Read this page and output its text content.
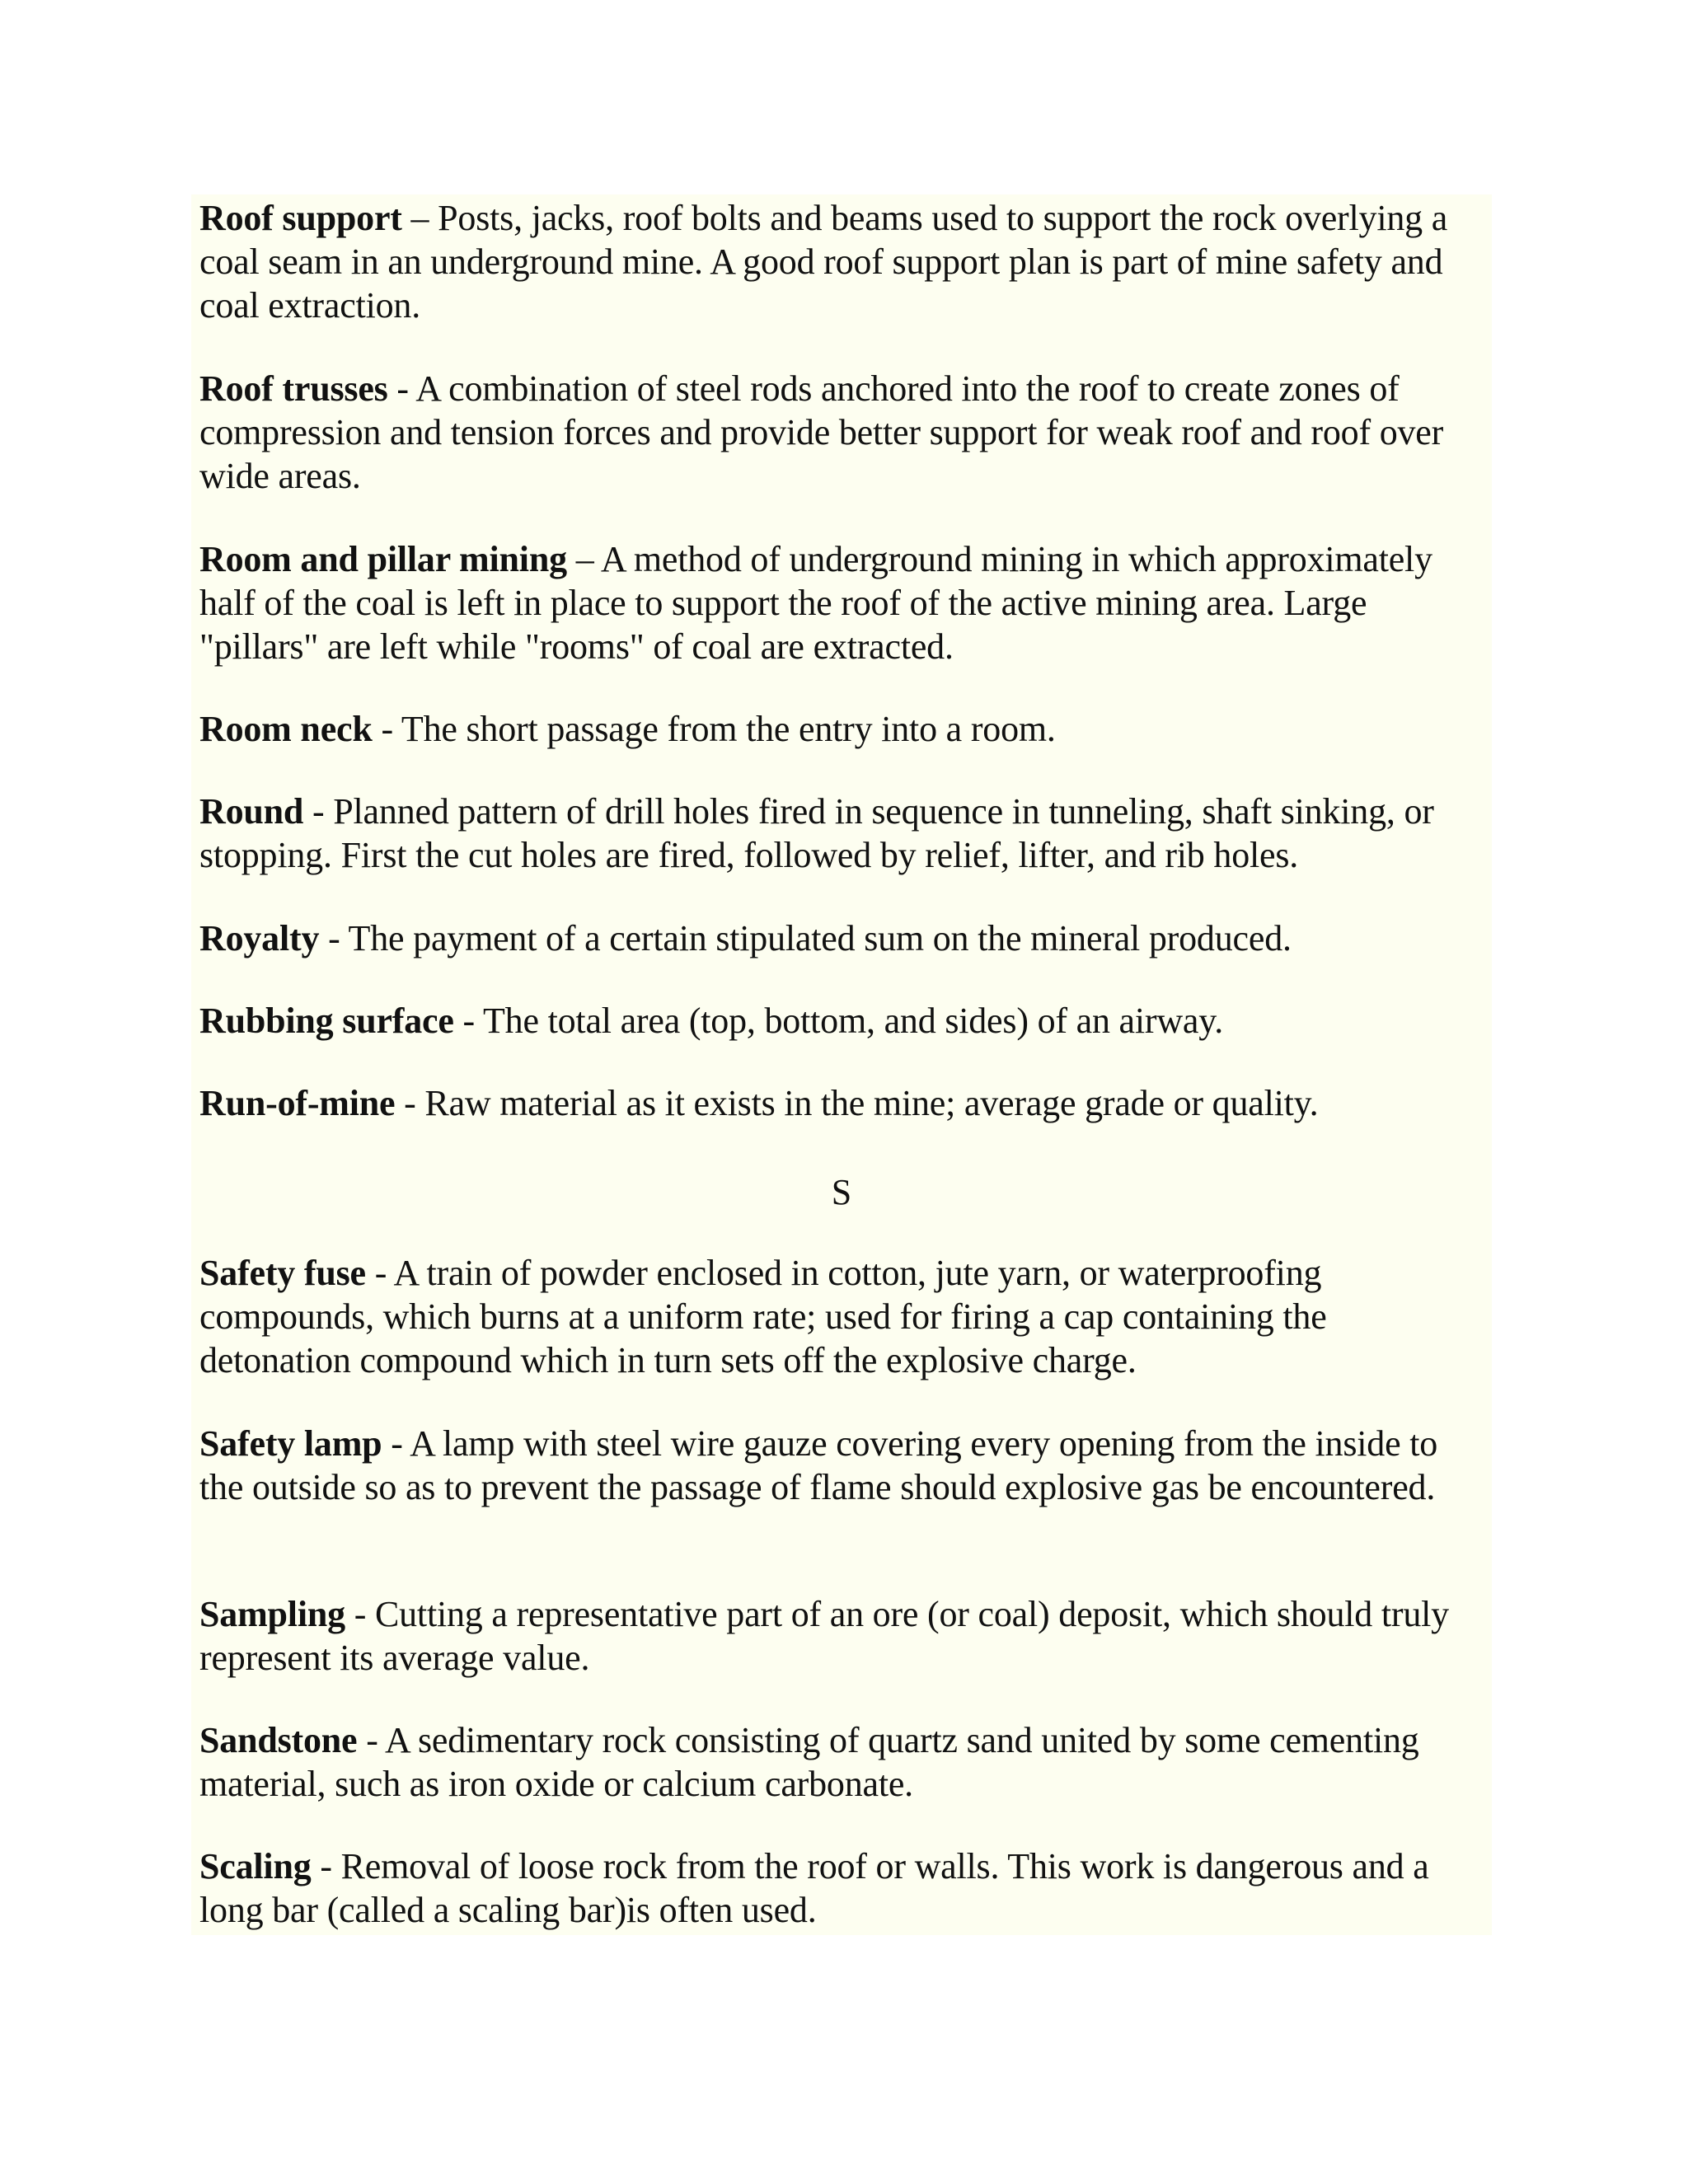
Roof support – Posts, jacks, roof bolts and beams used to support the rock overlying a coal seam in an underground mine. A good roof support plan is part of mine safety and coal extraction.

Roof trusses - A combination of steel rods anchored into the roof to create zones of compression and tension forces and provide better support for weak roof and roof over wide areas.

Room and pillar mining – A method of underground mining in which approximately half of the coal is left in place to support the roof of the active mining area. Large "pillars" are left while "rooms" of coal are extracted.

Room neck - The short passage from the entry into a room.

Round - Planned pattern of drill holes fired in sequence in tunneling, shaft sinking, or stopping. First the cut holes are fired, followed by relief, lifter, and rib holes.

Royalty - The payment of a certain stipulated sum on the mineral produced.

Rubbing surface - The total area (top, bottom, and sides) of an airway.

Run-of-mine - Raw material as it exists in the mine; average grade or quality.

S

Safety fuse - A train of powder enclosed in cotton, jute yarn, or waterproofing compounds, which burns at a uniform rate; used for firing a cap containing the detonation compound which in turn sets off the explosive charge.

Safety lamp - A lamp with steel wire gauze covering every opening from the inside to the outside so as to prevent the passage of flame should explosive gas be encountered.

Sampling - Cutting a representative part of an ore (or coal) deposit, which should truly represent its average value.

Sandstone - A sedimentary rock consisting of quartz sand united by some cementing material, such as iron oxide or calcium carbonate.

Scaling - Removal of loose rock from the roof or walls. This work is dangerous and a long bar (called a scaling bar)is often used.
